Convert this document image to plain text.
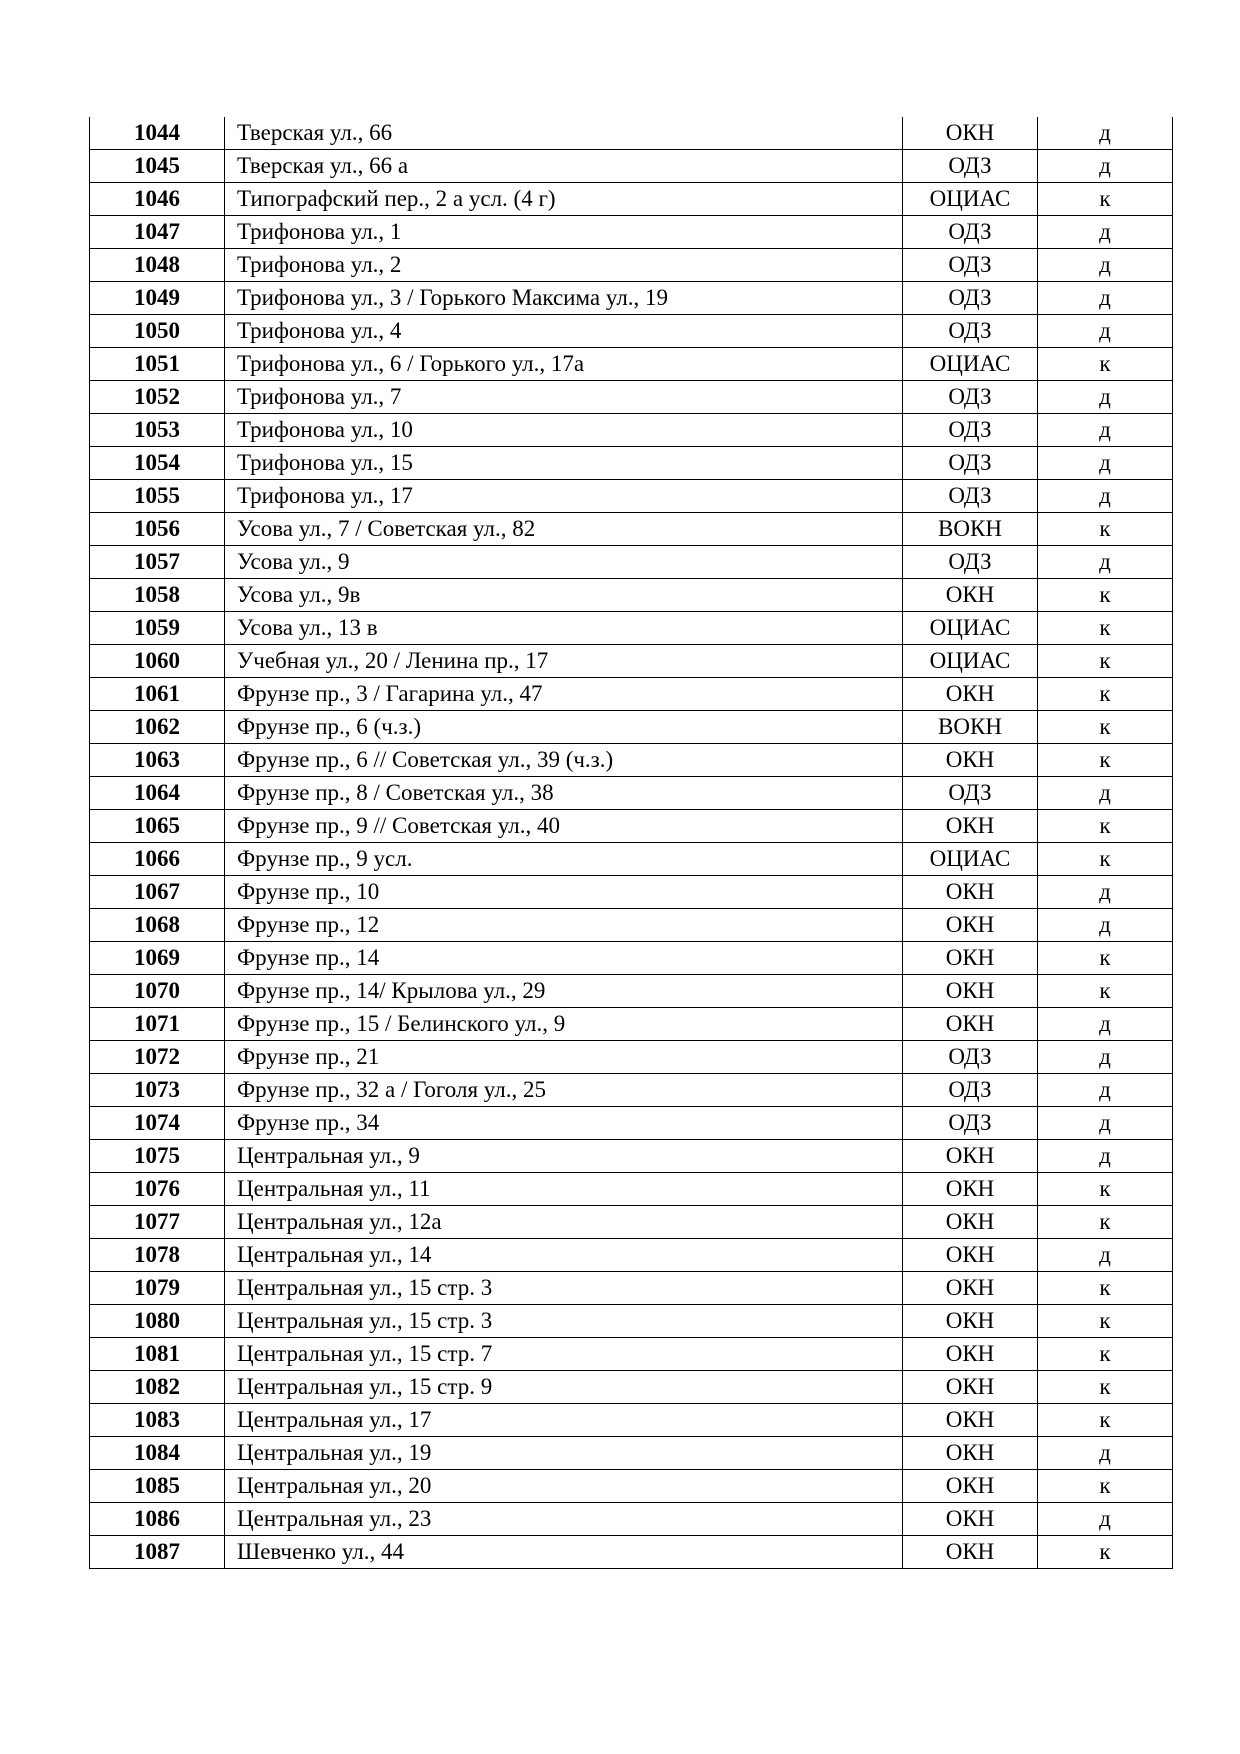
1044	Тверская ул., 66	ОКН	д
1045	Тверская ул., 66 а	ОДЗ	д
1046	Типографский пер., 2 а усл. (4 г)	ОЦИАС	к
1047	Трифонова ул., 1	ОДЗ	д
1048	Трифонова ул., 2	ОДЗ	д
1049	Трифонова ул., 3 / Горького Максима ул., 19	ОДЗ	д
1050	Трифонова ул., 4	ОДЗ	д
1051	Трифонова ул., 6 / Горького ул., 17а	ОЦИАС	к
1052	Трифонова ул., 7	ОДЗ	д
1053	Трифонова ул., 10	ОДЗ	д
1054	Трифонова ул., 15	ОДЗ	д
1055	Трифонова ул., 17	ОДЗ	д
1056	Усова ул., 7 / Советская ул., 82	ВОКН	к
1057	Усова ул., 9	ОДЗ	д
1058	Усова ул., 9в	ОКН	к
1059	Усова ул., 13 в	ОЦИАС	к
1060	Учебная ул., 20 / Ленина пр., 17	ОЦИАС	к
1061	Фрунзе пр., 3 / Гагарина ул., 47	ОКН	к
1062	Фрунзе пр., 6 (ч.з.)	ВОКН	к
1063	Фрунзе пр., 6 // Советская ул., 39 (ч.з.)	ОКН	к
1064	Фрунзе пр., 8 / Советская ул., 38	ОДЗ	д
1065	Фрунзе пр., 9 // Советская ул., 40	ОКН	к
1066	Фрунзе пр., 9 усл.	ОЦИАС	к
1067	Фрунзе пр., 10	ОКН	д
1068	Фрунзе пр., 12	ОКН	д
1069	Фрунзе пр., 14	ОКН	к
1070	Фрунзе пр., 14/ Крылова ул., 29	ОКН	к
1071	Фрунзе пр., 15 / Белинского ул., 9	ОКН	д
1072	Фрунзе пр., 21	ОДЗ	д
1073	Фрунзе пр., 32 а / Гоголя ул., 25	ОДЗ	д
1074	Фрунзе пр., 34	ОДЗ	д
1075	Центральная ул., 9	ОКН	д
1076	Центральная ул., 11	ОКН	к
1077	Центральная ул., 12а	ОКН	к
1078	Центральная ул., 14	ОКН	д
1079	Центральная ул., 15 стр. 3	ОКН	к
1080	Центральная ул., 15 стр. 3	ОКН	к
1081	Центральная ул., 15 стр. 7	ОКН	к
1082	Центральная ул., 15 стр. 9	ОКН	к
1083	Центральная ул., 17	ОКН	к
1084	Центральная ул., 19	ОКН	д
1085	Центральная ул., 20	ОКН	к
1086	Центральная ул., 23	ОКН	д
1087	Шевченко ул., 44	ОКН	к
